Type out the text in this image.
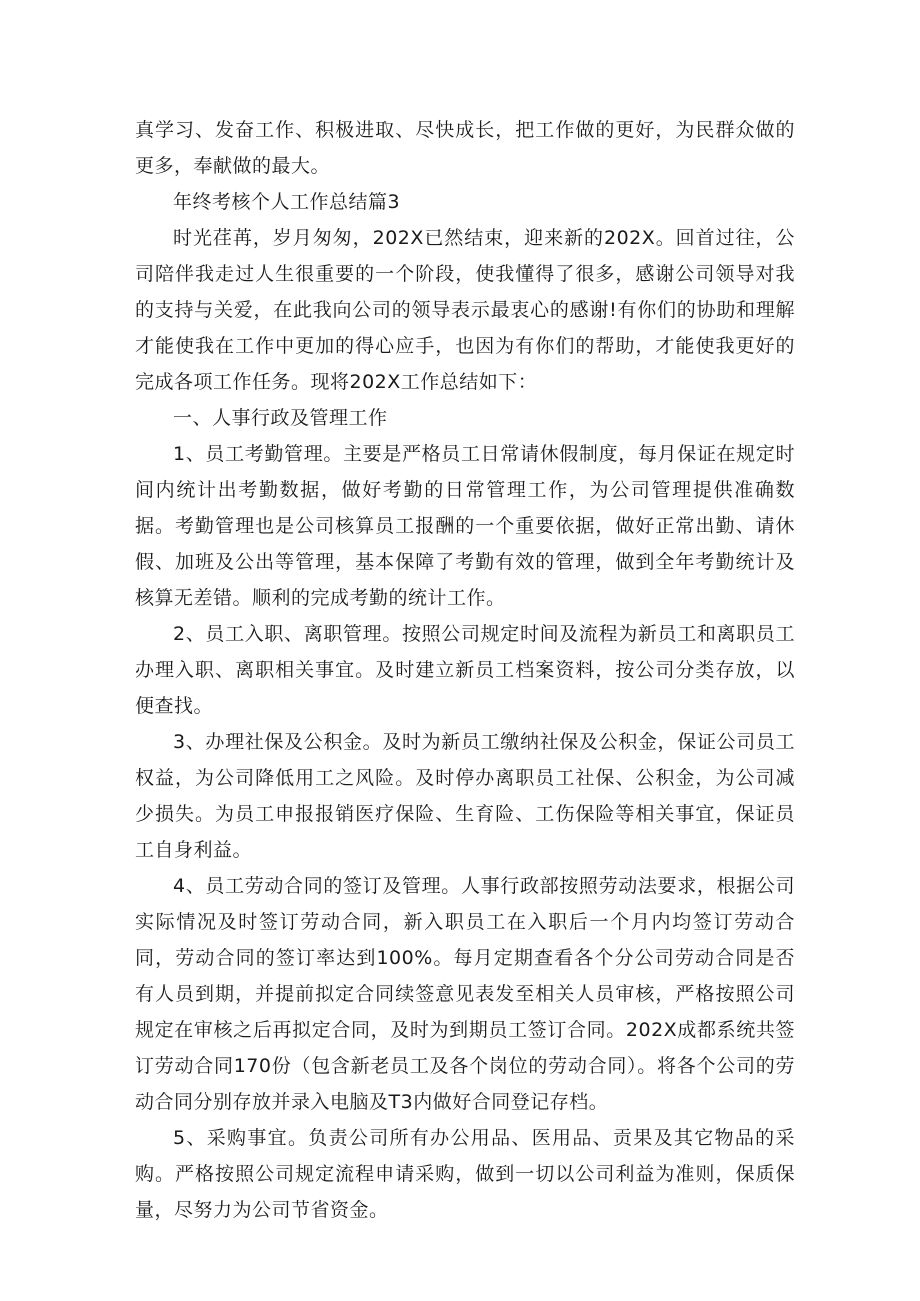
真学习、发奋工作、积极进取、尽快成长，把工作做的更好，为民群众做的更多，奉献做的最大。

年终考核个人工作总结篇3

时光荏苒，岁月匆匆，202X已然结束，迎来新的202X。回首过往，公司陪伴我走过人生很重要的一个阶段，使我懂得了很多，感谢公司领导对我的支持与关爱，在此我向公司的领导表示最衷心的感谢!有你们的协助和理解才能使我在工作中更加的得心应手，也因为有你们的帮助，才能使我更好的完成各项工作任务。现将202X工作总结如下：

一、人事行政及管理工作

1、员工考勤管理。主要是严格员工日常请休假制度，每月保证在规定时间内统计出考勤数据，做好考勤的日常管理工作，为公司管理提供准确数据。考勤管理也是公司核算员工报酬的一个重要依据，做好正常出勤、请休假、加班及公出等管理，基本保障了考勤有效的管理，做到全年考勤统计及核算无差错。顺利的完成考勤的统计工作。

2、员工入职、离职管理。按照公司规定时间及流程为新员工和离职员工办理入职、离职相关事宜。及时建立新员工档案资料，按公司分类存放，以便查找。

3、办理社保及公积金。及时为新员工缴纳社保及公积金，保证公司员工权益，为公司降低用工之风险。及时停办离职员工社保、公积金，为公司减少损失。为员工申报报销医疗保险、生育险、工伤保险等相关事宜，保证员工自身利益。

4、员工劳动合同的签订及管理。人事行政部按照劳动法要求，根据公司实际情况及时签订劳动合同，新入职员工在入职后一个月内均签订劳动合同，劳动合同的签订率达到100%。每月定期查看各个分公司劳动合同是否有人员到期，并提前拟定合同续签意见表发至相关人员审核，严格按照公司规定在审核之后再拟定合同，及时为到期员工签订合同。202X成都系统共签订劳动合同170份（包含新老员工及各个岗位的劳动合同）。将各个公司的劳动合同分别存放并录入电脑及T3内做好合同登记存档。

5、采购事宜。负责公司所有办公用品、医用品、贡果及其它物品的采购。严格按照公司规定流程申请采购，做到一切以公司利益为准则，保质保量，尽努力为公司节省资金。
